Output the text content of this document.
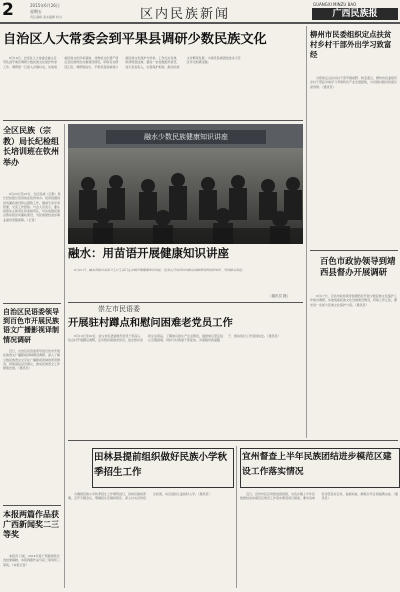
2	2015年6月26日
星期五
责任编辑 美术编辑 校对	区内民族新闻
GUANGXI MINZU BAO
广西民族报
自治区人大常委会到平果县调研少数民族文化

6月16日，自治区人大常委会副主任带队到平果县调研少数民族文化保护传承工作。调研组一行深入乡镇村屯，实地察看民族文化传承基地、非物质文化遗产项目及民族特色村寨建设情况，听取有关情况汇报。调研组指出，平果县高度重视少数民族文化保护与传承，工作扎实有效，取得明显成效。要进一步加强组织领导，加大资金投入，完善保护机制，推动民族文化繁荣发展，为建设民族团结进步示范区作出积极贡献。

全区民族（宗教）局长纪检组长培训班在钦州举办

6月23日至25日，全区民族（宗教）局长纪检组长培训班在钦州举办。培训班围绕党风廉政建设和反腐败工作，邀请专家学者授课，交流工作经验。与会人员表示，要认真落实主体责任和监督责任，切实加强民族宗教系统党风廉政建设，为民族团结进步事业提供坚强保障。（记者）

自治区民语委领导到百色市开展民族语文广播影视译制情况调研

近日，自治区民语委领导到百色市开展民族语文广播影视译制情况调研，深入了解少数民族语言文字在广播影视领域的使用情况，听取基层意见建议，推动民族语文工作健康发展。（通讯员）

本报两篇作品获广西新闻奖二三等奖

本报讯 日前，2014年度广西新闻奖评选结果揭晓，本报两篇作品分获二等奖和三等奖。（本报记者）

融水少数民族健康知识讲座
融水：用苗语开展健康知识讲座

6月21日，融水苗族自治县卫生计生部门在乡镇开展健康知识讲座，医务人员用苗语向群众讲解常见病预防知识，受到群众欢迎。

（通讯员 摄）
崇左市民语委
开展驻村蹲点和慰问困难老党员工作

6月19日至20日，崇左市民语委组织党员干部深入驻点村开展蹲点调研，走访慰问困难老党员，送去慰问金和生活用品，了解他们的生产生活情况，鼓励他们坚定信心克服困难。同时与村两委干部座谈，共商脱贫致富路子，推动驻村工作落到实处。（通讯员）

田林县提前组织做好民族小学秋季招生工作

为确保民族小学秋季招生工作顺利进行，田林县提前部署，召开专题会议，明确招生范围和程序，深入村屯宣传招生政策，动员适龄儿童按时入学。（通讯员）

宜州督查上半年民族团结进步模范区建设工作落实情况

近日，宜州市民宗局组成督查组，对各乡镇上半年民族团结进步模范区建设工作落实情况进行督查，要求各单位对照目标任务，查漏补缺，确保全年任务圆满完成。（通讯员）

柳州市民委组织定点扶贫村乡村干部外出学习致富经

为帮助定点扶贫村干部开阔视野、转变观念，柳州市民委组织乡村干部赴外地学习考察特色产业发展经验，为贫困村脱贫致富出谋划策。（通讯员）

百色市政协领导到靖西县督办开展调研

6月17日，百色市政协领导到靖西县开展少数民族文化保护工作督办调研，实地察看民族文化设施建设情况，听取工作汇报，要求进一步加大民族文化保护力度。（通讯员）
